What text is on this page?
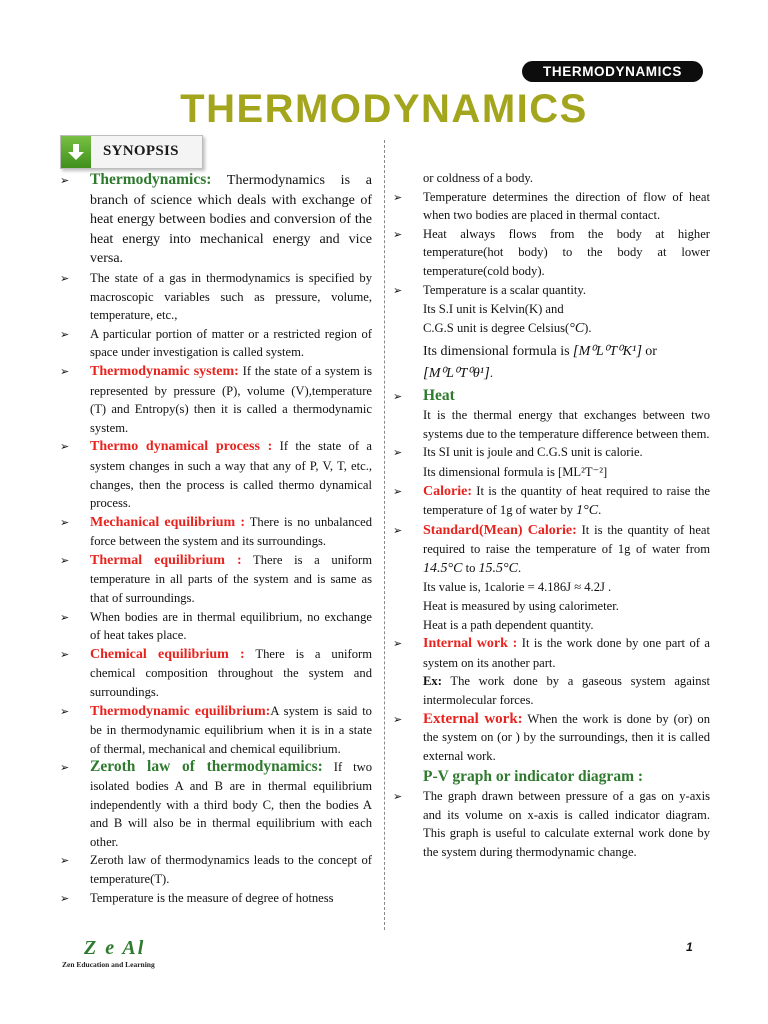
THERMODYNAMICS
THERMODYNAMICS
SYNOPSIS
➢	Thermodynamics: Thermodynamics is a branch of science which deals with exchange of heat energy between bodies and conversion of the heat energy into mechanical energy and vice versa.
➢	The state of a gas in thermodynamics is specified by macroscopic variables such as pressure, volume, temperature, etc.,
➢	A particular portion of matter or a restricted region of space under investigation is called system.
➢	Thermodynamic system: If the state of a system is represented by pressure (P), volume (V),temperature (T) and Entropy(s) then it is called a thermodynamic system.
➢	Thermo dynamical process : If the state of a system changes in such a way that any of P, V, T, etc., changes, then the process is called thermo dynamical process.
➢	Mechanical equilibrium : There is no unbalanced force between the system and its surroundings.
➢	Thermal equilibrium : There is a uniform temperature in all parts of the system and is same as that of surroundings.
➢	When bodies are in thermal equilibrium, no exchange of heat takes place.
➢	Chemical equilibrium : There is a uniform chemical composition throughout the system and surroundings.
➢	Thermodynamic equilibrium:A system is said to be in thermodynamic equilibrium when it is in a state of thermal, mechanical and chemical equilibrium.
➢	Zeroth law of thermodynamics: If two isolated bodies A and B are in thermal equilibrium independently with a third body C, then the bodies A and B will also be in thermal equilibrium with each other.
➢	Zeroth law of thermodynamics leads to the concept of temperature(T).
➢	Temperature is the measure of degree of hotness
or coldness of a body.
➢	Temperature determines the direction of flow of heat when two bodies are placed in thermal contact.
➢	Heat always flows from the body at higher temperature(hot body) to the body at lower temperature(cold body).
➢	Temperature is a scalar quantity.
Its S.I unit is Kelvin(K) and
C.G.S unit is degree Celsius(°C).
Its dimensional formula is [M⁰L⁰T⁰K¹] or
[M⁰L⁰T⁰θ¹].
➢	Heat
It is the thermal energy that exchanges between two systems due to the temperature difference between them.
➢	Its SI unit is joule and C.G.S unit is calorie.
Its dimensional formula is [ML²T⁻²]
➢	Calorie: It is the quantity of heat required to raise the temperature of 1g of water by 1°C.
➢	Standard(Mean) Calorie: It is the quantity of heat required to raise the temperature of 1g of water from 14.5°C to 15.5°C.
Its value is, 1calorie = 4.186J ≈ 4.2J .
Heat is measured by using calorimeter.
Heat is a path dependent quantity.
➢	Internal work : It is the work done by one part of a system on its another part.
Ex: The work done by a gaseous system against intermolecular forces.
➢	External work: When the work is done by (or) on the system on (or ) by the surroundings, then it is called external work.
P-V graph or indicator diagram :
➢	The graph drawn between pressure of a gas on y-axis and its volume on x-axis is called indicator diagram. This graph is useful to calculate external work done by the system during thermodynamic change.
Z e Al
Zen Education and Learning
1
